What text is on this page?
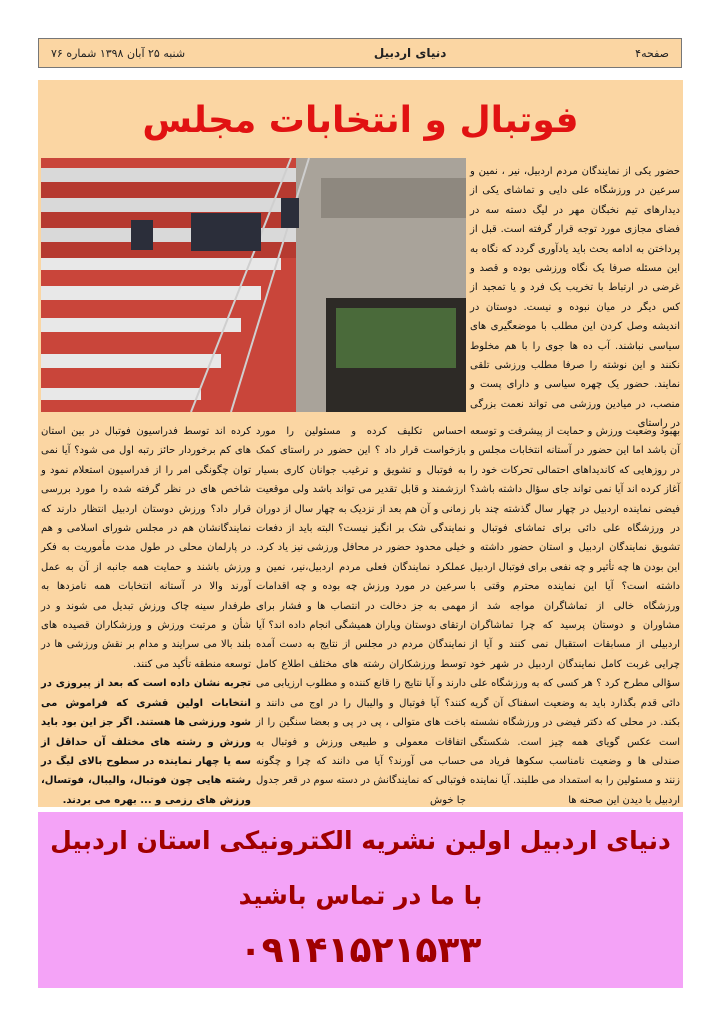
صفحه۴
دنیای اردبیل
شنبه ۲۵ آبان ۱۳۹۸ شماره ۷۶
فوتبال و انتخابات مجلس

حضور یکی از نمایندگان مردم اردبیل، نیر ، نمین و سرعین در ورزشگاه علی دایی و تماشای یکی از دیدارهای تیم نخبگان مهر در لیگ دسته سه در فضای مجازی مورد توجه قرار گرفته است. قبل از پرداختن به ادامه بحث باید یادآوری گردد که نگاه به این مسئله صرفا یک نگاه ورزشی بوده و قصد و غرضی در ارتباط با تخریب یک فرد و یا تمجید از کس دیگر در میان نبوده و نیست. دوستان در اندیشه وصل کردن این مطلب با موضعگیری های سیاسی نباشند. آب ده ها جوی را با هم مخلوط نکنند و این نوشته را صرفا مطلب ورزشی تلقی نمایند. حضور یک چهره سیاسی و دارای پست و منصب، در میادین ورزشی می تواند نعمت بزرگی در راستای

بهبود وضعیت ورزش و حمایت از پیشرفت و توسعه آن باشد اما این حضور در آستانه انتخابات مجلس و در روزهایی که کاندیداهای احتمالی تحرکات خود را آغاز کرده اند آیا نمی تواند جای سؤال داشته باشد؟ فیضی نماینده اردبیل در چهار سال گذشته چند بار در ورزشگاه علی دائی برای تماشای فوتبال و تشویق نمایندگان اردبیل و استان حضور داشته و این بودن ها چه تأثیر و چه نفعی برای فوتبال اردبیل داشته است؟ آیا این نماینده محترم وقتی با ورزشگاه خالی از تماشاگران مواجه شد از مشاوران و دوستان پرسید که چرا تماشاگران اردبیلی از مسابقات استقبال نمی کنند و آیا از چرایی غربت کامل نمایندگان اردبیل در شهر خود سؤالی مطرح کرد ؟ هر کسی که به ورزشگاه علی دائی قدم بگذارد باید به وضعیت اسفناک آن گریه بکند. در محلی که دکتر فیضی در ورزشگاه نشسته است عکس گویای همه چیز است. شکستگی صندلی ها و وضعیت نامناسب سکوها فریاد می زنند و مسئولین را به استمداد می طلبند. آیا نماینده اردبیل با دیدن این صحنه ها

احساس تکلیف کرده و مسئولین را مورد بازخواست قرار داد ؟ این حضور در راستای کمک به فوتبال و تشویق و ترغیب جوانان کاری بسیار ارزشمند و قابل تقدیر می تواند باشد ولی موقعیت زمانی و آن هم بعد از نزدیک به چهار سال از دوران نمایندگی شک بر انگیز نیست؟ البته باید از دفعات خیلی محدود حضور در محافل ورزشی نیز یاد کرد. عملکرد نمایندگان فعلی مردم اردبیل،نیر، نمین و سرعین در مورد ورزش چه بوده و چه اقدامات مهمی به جز دخالت در انتصاب ها و فشار برای ارتقای دوستان ویاران همیشگی انجام داده اند؟ آیا نمایندگان مردم در مجلس از نتایج به دست آمده توسط ورزشکاران رشته های مختلف اطلاع کامل دارند و آیا نتایج را قانع کننده و مطلوب ارزیابی می کنند؟ آیا فوتبال و والیبال را در اوج می دانند و باخت های متوالی ، پی در پی و بعضا سنگین را از اتفاقات معمولی و طبیعی ورزش و فوتبال به حساب می آورند؟ آیا می دانند که چرا و چگونه فوتبالی که نمایندگانش در دسته سوم در قعر جدول جا خوش

کرده اند توسط فدراسیون فوتبال در بین استان های کم برخوردار حائز رتبه اول می شود؟ آیا نمی توان چگونگی امر را از فدراسیون استعلام نمود و شاخص های در نظر گرفته شده را مورد بررسی قرار داد؟ ورزش دوستان اردبیل انتظار دارند که نمایندگانشان هم در مجلس شورای اسلامی و هم در پارلمان محلی در طول مدت مأموریت به فکر ورزش باشند و حمایت همه جانبه از آن به عمل آورند والا در آستانه انتخابات همه نامزدها به طرفدار سینه چاک ورزش تبدیل می شوند و در شأن و مرتبت ورزش و ورزشکاران قصیده های بلند بالا می سرایند و مدام بر نقش ورزشی ها در توسعه منطقه تأکید می کنند.

تجربه نشان داده است که بعد از پیروزی در انتخابات اولین قشری که فراموش می شود ورزشی ها هستند. اگر جز این بود باید ورزش و رشته های مختلف آن حداقل از سه یا چهار نماینده در سطوح بالای لیگ در رشته هایی چون فوتبال، والیبال، فوتسال، ورزش های رزمی و ... بهره می بردند.

دنیای اردبیل اولین نشریه الکترونیکی استان اردبیل
با ما در تماس باشید
۰۹۱۴۱۵۲۱۵۳۳
